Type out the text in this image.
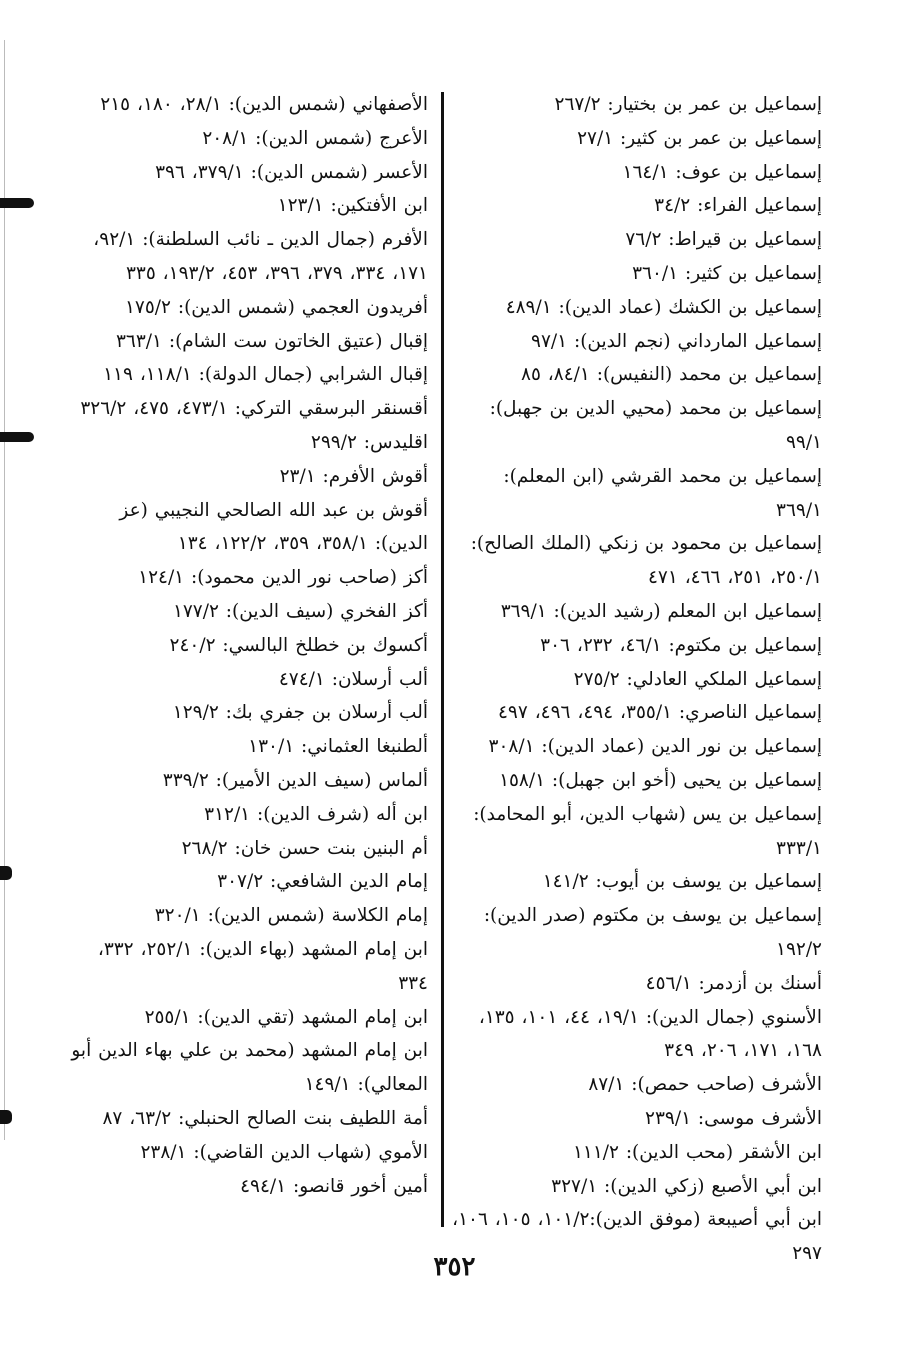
إسماعيل بن عمر بن بختيار: ٢٦٧/٢
إسماعيل بن عمر بن كثير: ٢٧/١
إسماعيل بن عوف: ١٦٤/١
إسماعيل الفراء: ٣٤/٢
إسماعيل بن قيراط: ٧٦/٢
إسماعيل بن كثير: ٣٦٠/١
إسماعيل بن الكشك (عماد الدين): ٤٨٩/١
إسماعيل المارداني (نجم الدين): ٩٧/١
إسماعيل بن محمد (النفيس): ٨٤/١، ٨٥
إسماعيل بن محمد (محيي الدين بن جهبل): ٩٩/١
إسماعيل بن محمد القرشي (ابن المعلم): ٣٦٩/١
إسماعيل بن محمود بن زنكي (الملك الصالح): ٢٥٠/١، ٢٥١، ٤٦٦، ٤٧١
إسماعيل ابن المعلم (رشيد الدين): ٣٦٩/١
إسماعيل بن مكتوم: ٤٦/١، ٢٣٢، ٣٠٦
إسماعيل الملكي العادلي: ٢٧٥/٢
إسماعيل الناصري: ٣٥٥/١، ٤٩٤، ٤٩٦، ٤٩٧
إسماعيل بن نور الدين (عماد الدين): ٣٠٨/١
إسماعيل بن يحيى (أخو ابن جهبل): ١٥٨/١
إسماعيل بن يس (شهاب الدين، أبو المحامد): ٣٣٣/١
إسماعيل بن يوسف بن أيوب: ١٤١/٢
إسماعيل بن يوسف بن مكتوم (صدر الدين): ١٩٢/٢
أسنك بن أزدمر: ٤٥٦/١
الأسنوي (جمال الدين): ١٩/١، ٤٤، ١٠١، ١٣٥، ١٦٨، ١٧١، ٢٠٦، ٣٤٩
الأشرف (صاحب حمص): ٨٧/١
الأشرف موسى: ٢٣٩/١
ابن الأشقر (محب الدين): ١١١/٢
ابن أبي الأصبع (زكي الدين): ٣٢٧/١
ابن أبي أصيبعة (موفق الدين):١٠١/٢، ١٠٥، ١٠٦، ٢٩٧
الأصفهاني (شمس الدين): ٢٨/١، ١٨٠، ٢١٥
الأعرج (شمس الدين): ٢٠٨/١
الأعسر (شمس الدين): ٣٧٩/١، ٣٩٦
ابن الأفتكين: ١٢٣/١
الأفرم (جمال الدين ـ نائب السلطنة): ٩٢/١، ١٧١، ٣٣٤، ٣٧٩، ٣٩٦، ٤٥٣، ١٩٣/٢، ٣٣٥
أفريدون العجمي (شمس الدين): ١٧٥/٢
إقبال (عتيق الخاتون ست الشام): ٣٦٣/١
إقبال الشرابي (جمال الدولة): ١١٨/١، ١١٩
أقسنقر البرسقي التركي: ٤٧٣/١، ٤٧٥، ٣٢٦/٢
اقليدس: ٢٩٩/٢
أقوش الأفرم: ٢٣/١
أقوش بن عبد الله الصالحي النجيبي (عز الدين): ٣٥٨/١، ٣٥٩، ١٢٢/٢، ١٣٤
أكز (صاحب نور الدين محمود): ١٢٤/١
أكز الفخري (سيف الدين): ١٧٧/٢
أكسوك بن خطلخ البالسي: ٢٤٠/٢
ألب أرسلان: ٤٧٤/١
ألب أرسلان بن جفري بك: ١٢٩/٢
ألطنبغا العثماني: ١٣٠/١
ألماس (سيف الدين الأمير): ٣٣٩/٢
ابن أله (شرف الدين): ٣١٢/١
أم البنين بنت حسن خان: ٢٦٨/٢
إمام الدين الشافعي: ٣٠٧/٢
إمام الكلاسة (شمس الدين): ٣٢٠/١
ابن إمام المشهد (بهاء الدين): ٢٥٢/١، ٣٣٢، ٣٣٤
ابن إمام المشهد (تقي الدين): ٢٥٥/١
ابن إمام المشهد (محمد بن علي بهاء الدين أبو المعالي): ١٤٩/١
أمة اللطيف بنت الصالح الحنبلي: ٦٣/٢، ٨٧
الأموي (شهاب الدين القاضي): ٢٣٨/١
أمين أخور قانصو: ٤٩٤/١
٣٥٢
